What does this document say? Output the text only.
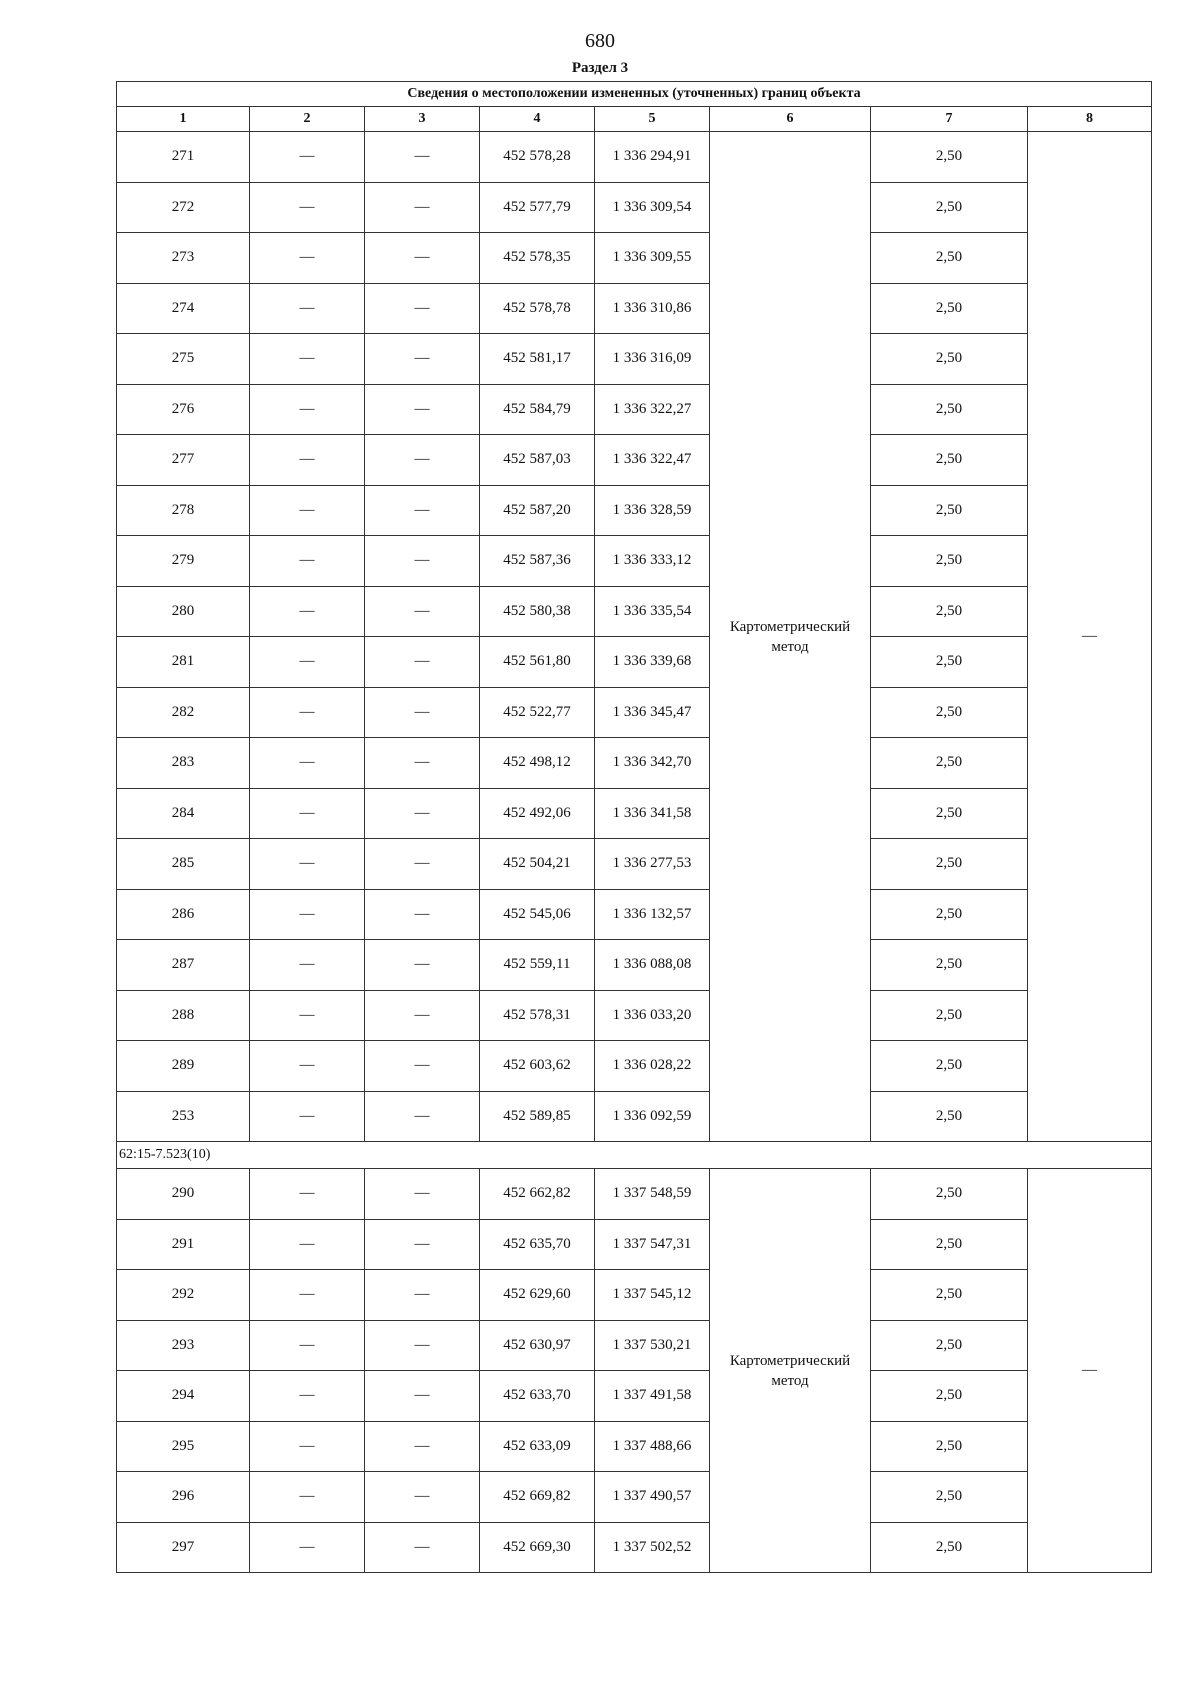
680
Раздел 3
Сведения о местоположении измененных (уточненных) границ объекта							
1	2	3	4	5	6	7	8
271	—	—	452 578,28	1 336 294,91	Картометрический метод	2,50	—
272	—	—	452 577,79	1 336 309,54		2,50	
273	—	—	452 578,35	1 336 309,55		2,50	
274	—	—	452 578,78	1 336 310,86		2,50	
275	—	—	452 581,17	1 336 316,09		2,50	
276	—	—	452 584,79	1 336 322,27		2,50	
277	—	—	452 587,03	1 336 322,47		2,50	
278	—	—	452 587,20	1 336 328,59		2,50	
279	—	—	452 587,36	1 336 333,12		2,50	
280	—	—	452 580,38	1 336 335,54		2,50	
281	—	—	452 561,80	1 336 339,68		2,50	
282	—	—	452 522,77	1 336 345,47		2,50	
283	—	—	452 498,12	1 336 342,70		2,50	
284	—	—	452 492,06	1 336 341,58		2,50	
285	—	—	452 504,21	1 336 277,53		2,50	
286	—	—	452 545,06	1 336 132,57		2,50	
287	—	—	452 559,11	1 336 088,08		2,50	
288	—	—	452 578,31	1 336 033,20		2,50	
289	—	—	452 603,62	1 336 028,22		2,50	
253	—	—	452 589,85	1 336 092,59		2,50	
62:15-7.523(10)							
290	—	—	452 662,82	1 337 548,59	Картометрический метод	2,50	—
291	—	—	452 635,70	1 337 547,31		2,50	
292	—	—	452 629,60	1 337 545,12		2,50	
293	—	—	452 630,97	1 337 530,21		2,50	
294	—	—	452 633,70	1 337 491,58		2,50	
295	—	—	452 633,09	1 337 488,66		2,50	
296	—	—	452 669,82	1 337 490,57		2,50	
297	—	—	452 669,30	1 337 502,52		2,50	
